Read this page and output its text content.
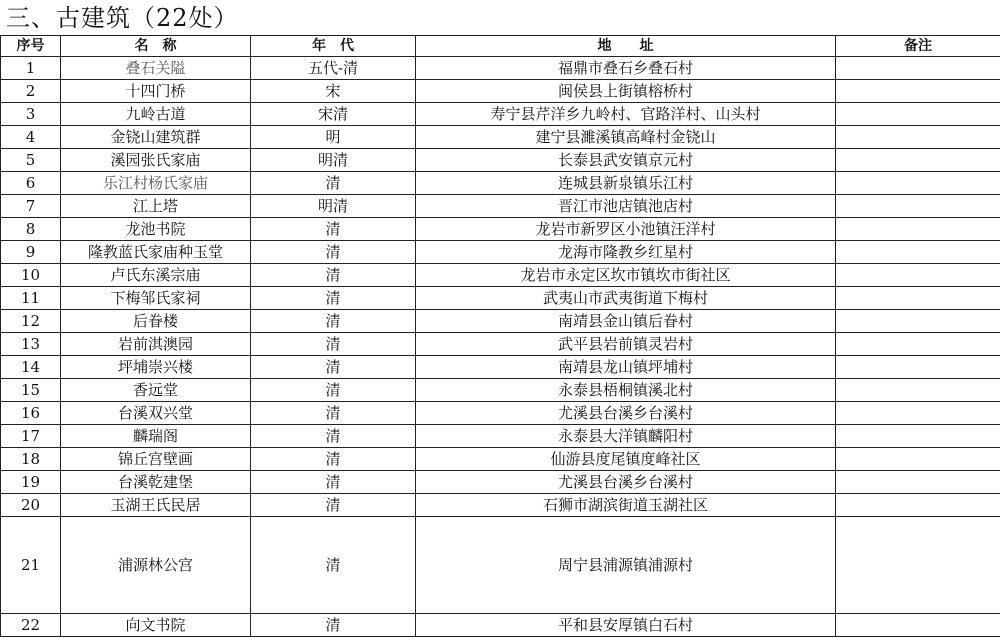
三、古建筑（22处）
序号	名　称	年　代	地　　址	备注
1	叠石关隘	五代-清	福鼎市叠石乡叠石村	
2	十四门桥	宋	闽侯县上街镇榕桥村	
3	九岭古道	宋清	寿宁县芹洋乡九岭村、官路洋村、山头村	
4	金铙山建筑群	明	建宁县濉溪镇高峰村金铙山	
5	溪园张氏家庙	明清	长泰县武安镇京元村	
6	乐江村杨氏家庙	清	连城县新泉镇乐江村	
7	江上塔	明清	晋江市池店镇池店村	
8	龙池书院	清	龙岩市新罗区小池镇汪洋村	
9	隆教蓝氏家庙种玉堂	清	龙海市隆教乡红星村	
10	卢氏东溪宗庙	清	龙岩市永定区坎市镇坎市街社区	
11	下梅邹氏家祠	清	武夷山市武夷街道下梅村	
12	后眷楼	清	南靖县金山镇后眷村	
13	岩前淇澳园	清	武平县岩前镇灵岩村	
14	坪埔崇兴楼	清	南靖县龙山镇坪埔村	
15	香远堂	清	永泰县梧桐镇溪北村	
16	台溪双兴堂	清	尤溪县台溪乡台溪村	
17	麟瑞阁	清	永泰县大洋镇麟阳村	
18	锦丘宫壁画	清	仙游县度尾镇度峰社区	
19	台溪乾建堡	清	尤溪县台溪乡台溪村	
20	玉湖王氏民居	清	石狮市湖滨街道玉湖社区	
21	浦源林公宫	清	周宁县浦源镇浦源村	
22	向文书院	清	平和县安厚镇白石村	
